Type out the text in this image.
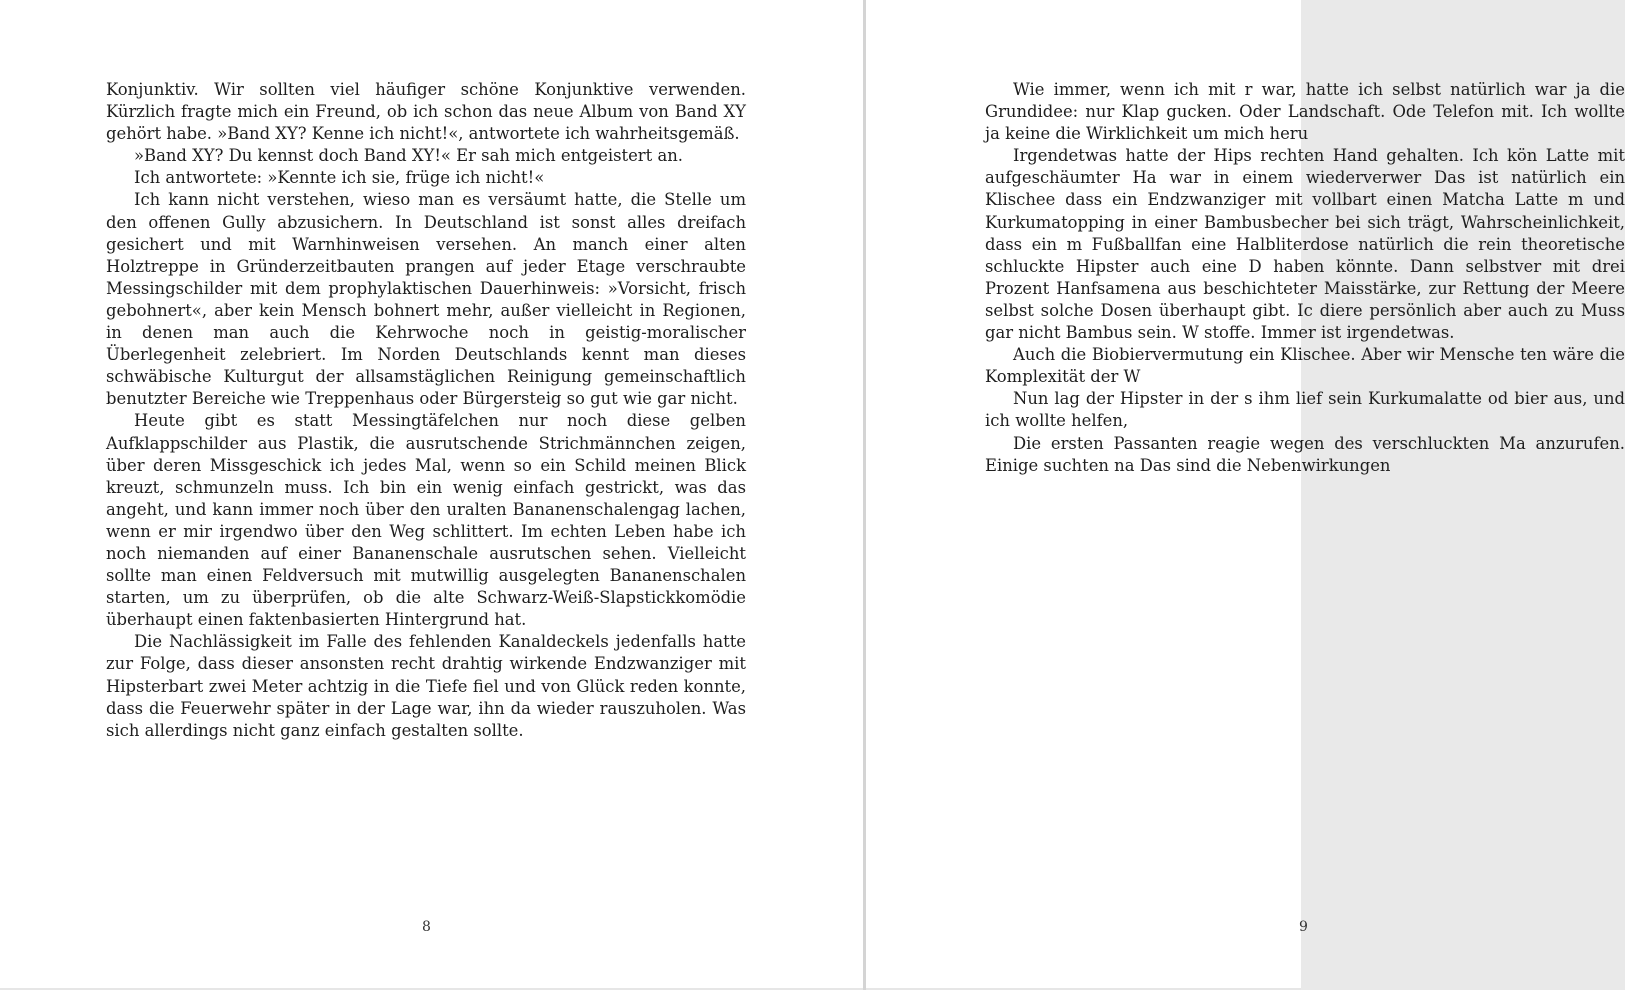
Konjunktiv. Wir sollten viel häufiger schöne Konjunktive verwenden. Kürzlich fragte mich ein Freund, ob ich schon das neue Album von Band XY gehört habe. »Band XY? Kenne ich nicht!«, antwortete ich wahrheitsgemäß.

»Band XY? Du kennst doch Band XY!« Er sah mich entgeistert an.

Ich antwortete: »Kennte ich sie, früge ich nicht!«

Ich kann nicht verstehen, wieso man es versäumt hatte, die Stelle um den offenen Gully abzusichern. In Deutschland ist sonst alles dreifach gesichert und mit Warnhinweisen versehen. An manch einer alten Holztreppe in Gründerzeitbauten prangen auf jeder Etage verschraubte Messingschilder mit dem prophylaktischen Dauerhinweis: »Vorsicht, frisch gebohnert«, aber kein Mensch bohnert mehr, außer vielleicht in Regionen, in denen man auch die Kehrwoche noch in geistig-moralischer Überlegenheit zelebriert. Im Norden Deutschlands kennt man dieses schwäbische Kulturgut der allsamstäglichen Reinigung gemeinschaftlich benutzter Bereiche wie Treppenhaus oder Bürgersteig so gut wie gar nicht.

Heute gibt es statt Messingtäfelchen nur noch diese gelben Aufklappschilder aus Plastik, die ausrutschende Strichmännchen zeigen, über deren Missgeschick ich jedes Mal, wenn so ein Schild meinen Blick kreuzt, schmunzeln muss. Ich bin ein wenig einfach gestrickt, was das angeht, und kann immer noch über den uralten Bananenschalengag lachen, wenn er mir irgendwo über den Weg schlittert. Im echten Leben habe ich noch niemanden auf einer Bananenschale ausrutschen sehen. Vielleicht sollte man einen Feldversuch mit mutwillig ausgelegten Bananenschalen starten, um zu überprüfen, ob die alte Schwarz-Weiß-Slapstickkomödie überhaupt einen faktenbasierten Hintergrund hat.

Die Nachlässigkeit im Falle des fehlenden Kanaldeckels jedenfalls hatte zur Folge, dass dieser ansonsten recht drahtig wirkende Endzwanziger mit Hipsterbart zwei Meter achtzig in die Tiefe fiel und von Glück reden konnte, dass die Feuerwehr später in der Lage war, ihn da wieder rauszuholen. Was sich allerdings nicht ganz einfach gestalten sollte.

8

Wie immer, wenn ich mit r war, hatte ich selbst natürlich war ja die Grundidee: nur Klap gucken. Oder Landschaft. Ode Telefon mit. Ich wollte ja keine die Wirklichkeit um mich heru

Irgendetwas hatte der Hips rechten Hand gehalten. Ich kön Latte mit aufgeschäumter Ha war in einem wiederverwer Das ist natürlich ein Klischee dass ein Endzwanziger mit vollbart einen Matcha Latte m und Kurkumatopping in einer Bambusbecher bei sich trägt, Wahrscheinlichkeit, dass ein m Fußballfan eine Halbliterdose natürlich die rein theoretische schluckte Hipster auch eine D haben könnte. Dann selbstver mit drei Prozent Hanfsamena aus beschichteter Maisstärke, zur Rettung der Meere selbst solche Dosen überhaupt gibt. Ic diere persönlich aber auch zu Muss gar nicht Bambus sein. W stoffe. Immer ist irgendetwas.

Auch die Biobiervermutung ein Klischee. Aber wir Mensche ten wäre die Komplexität der W

Nun lag der Hipster in der s ihm lief sein Kurkumalatte od bier aus, und ich wollte helfen,

Die ersten Passanten reagie wegen des verschluckten Ma anzurufen. Einige suchten na Das sind die Nebenwirkungen

9
